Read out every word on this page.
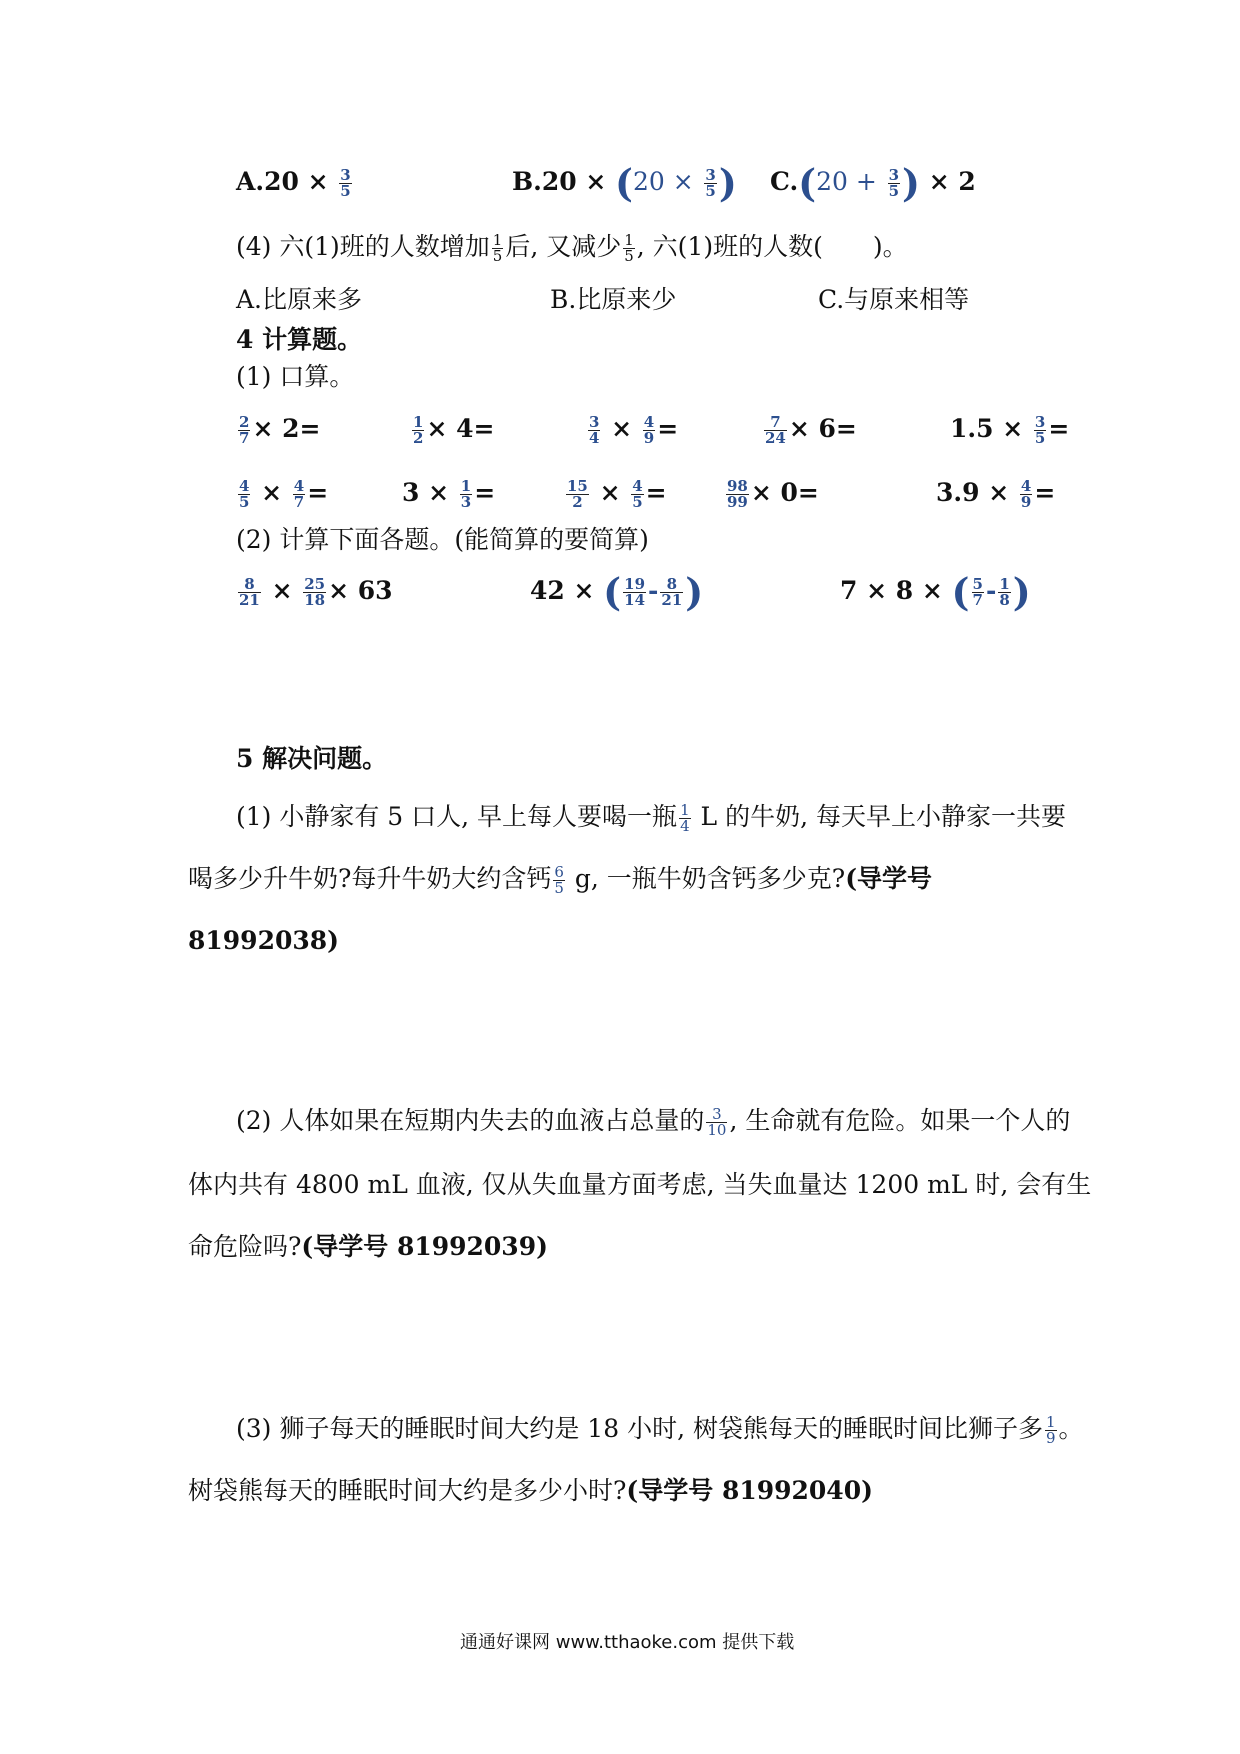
$A.20 \times \frac{3}{5}$	$B.20 \times (20 \times \frac{3}{5}$ ) $C.(20 + \frac{3}{5}$ ) × 2
(4) 六(1)班的人数增加 $\frac{1}{5}$ 后, 又减少 $\frac{1}{5}$ , 六(1)班的人数(　　)。
A.比原来多	B.比原来少	C.与原来相等
4 计算题。
(1) 口算。
$\frac{2}{7} \times 2=$	$\frac{1}{2} \times 4=$	$\frac{3}{4} \times \frac{4}{9}$ =	$\frac{7}{24} \times 6=$	$1.5 \times \frac{3}{5}$ =
$\frac{4}{5} \times \frac{4}{7}$ =	$3 \times \frac{1}{3}$ =	$\frac{15}{2} \times \frac{4}{5}$ =	$\frac{98}{99} \times 0=$	$3.9 \times \frac{4}{9}$ =
(2) 计算下面各题。(能简算的要简算)
$\frac{8}{21} \times \frac{25}{18} \times 63$	42 × ( $\frac{19}{14} - \frac{8}{21}$ )	7 × 8 × ( $\frac{5}{7} - \frac{1}{8}$ )
5 解决问题。
(1) 小静家有 5 口人, 早上每人要喝一瓶 $\frac{1}{4}$ L 的牛奶, 每天早上小静家一共要
喝多少升牛奶?每升牛奶大约含钙 $\frac{6}{5} g$, 一瓶牛奶含钙多少克?(导学号
81992038)
(2) 人体如果在短期内失去的血液占总量的 $\frac{3}{10}$ , 生命就有危险。如果一个人的
体内共有 4800 mL 血液, 仅从失血量方面考虑, 当失血量达 1200 mL 时, 会有生
命危险吗?(导学号 81992039)
(3) 狮子每天的睡眠时间大约是 18 小时, 树袋熊每天的睡眠时间比狮子多 $\frac{1}{9}$ 。
树袋熊每天的睡眠时间大约是多少小时?(导学号 81992040)
通通好课网 www.tthaoke.com 提供下载
